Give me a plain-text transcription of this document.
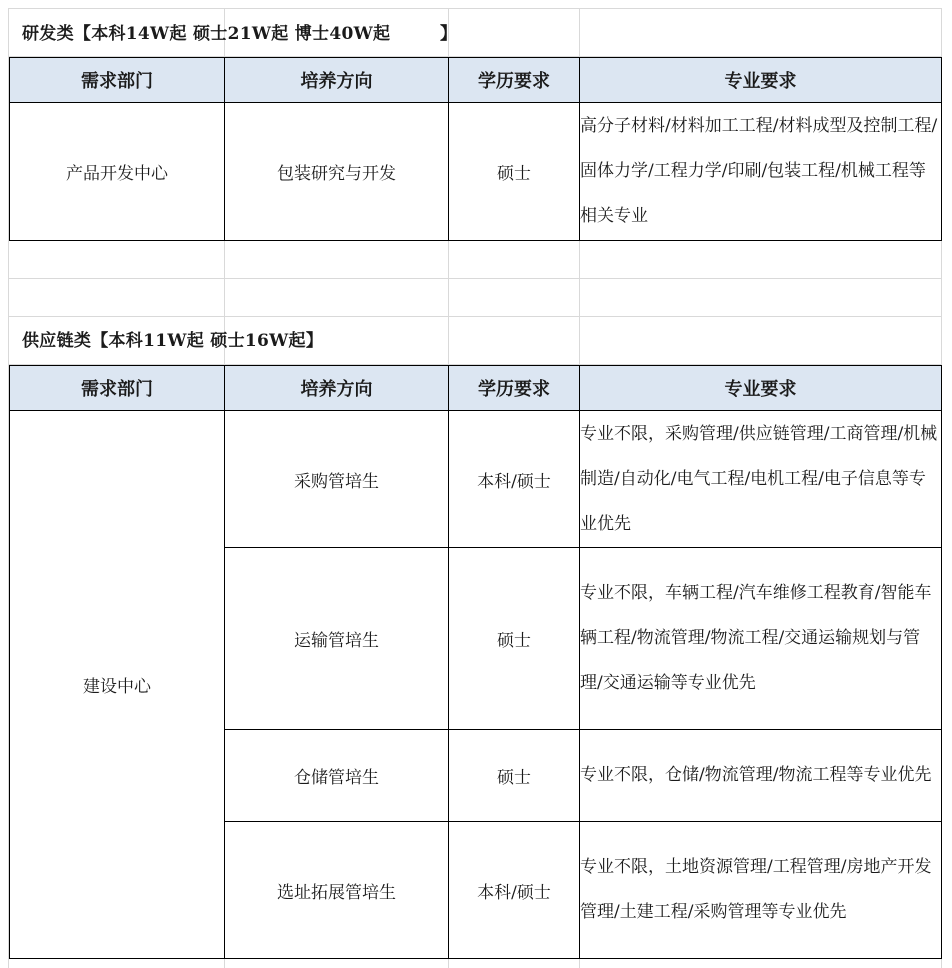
研发类【本科14W起 硕士21W起 博士40W起        】
需求部门	培养方向	学历要求	专业要求
产品开发中心	包装研究与开发	硕士	高分子材料/材料加工工程/材料成型及控制工程/固体力学/工程力学/印刷/包装工程/机械工程等相关专业
供应链类【本科11W起 硕士16W起】
需求部门	培养方向	学历要求	专业要求
建设中心	采购管培生	本科/硕士	专业不限，采购管理/供应链管理/工商管理/机械制造/自动化/电气工程/电机工程/电子信息等专业优先
	运输管培生	硕士	专业不限，车辆工程/汽车维修工程教育/智能车辆工程/物流管理/物流工程/交通运输规划与管理/交通运输等专业优先
	仓储管培生	硕士	专业不限，仓储/物流管理/物流工程等专业优先
	选址拓展管培生	本科/硕士	专业不限，土地资源管理/工程管理/房地产开发管理/土建工程/采购管理等专业优先
